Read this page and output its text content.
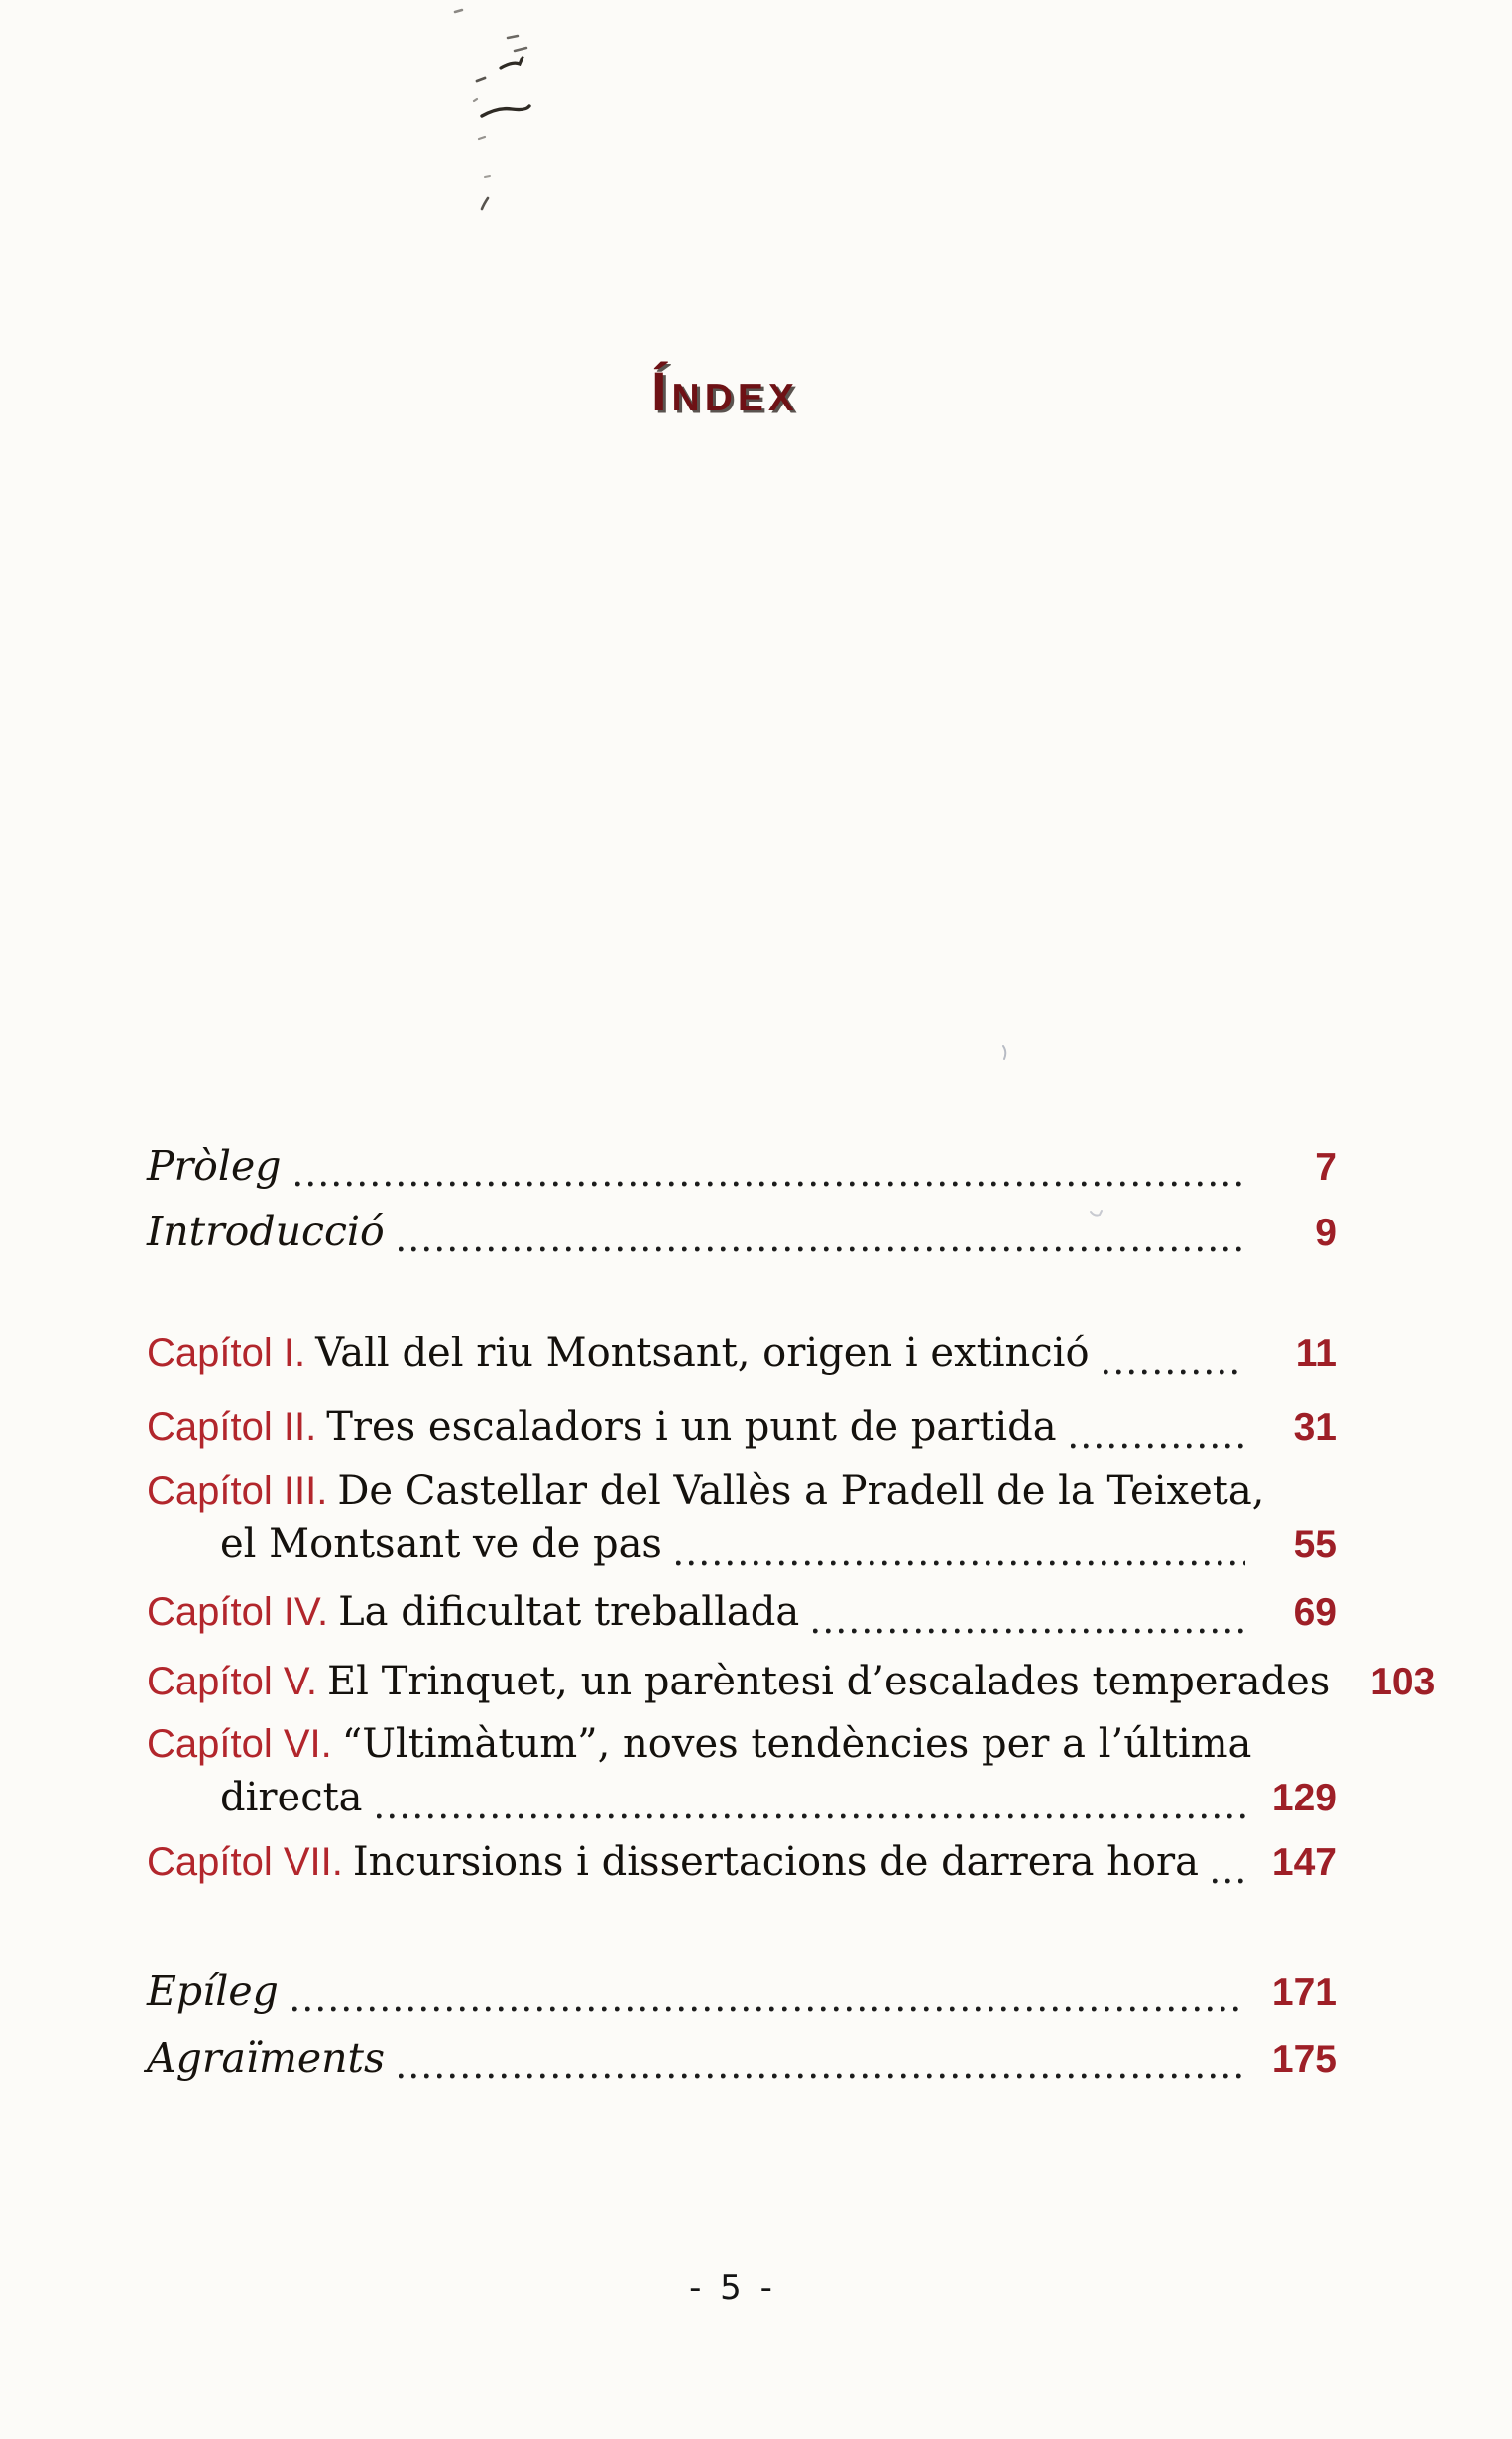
Índex
Pròleg	7
Introducció	9
Capítol I. Vall del riu Montsant, origen i extinció	11
Capítol II. Tres escaladors i un punt de partida	31
Capítol III. De Castellar del Vallès a Pradell de la Teixeta,
el Montsant ve de pas	55
Capítol IV. La dificultat treballada	69
Capítol V. El Trinquet, un parèntesi d’escalades temperades	103
Capítol VI. “Ultimàtum”, noves tendències per a l’última
directa	129
Capítol VII. Incursions i dissertacions de darrera hora	147
Epíleg	171
Agraïments	175
- 5 -
